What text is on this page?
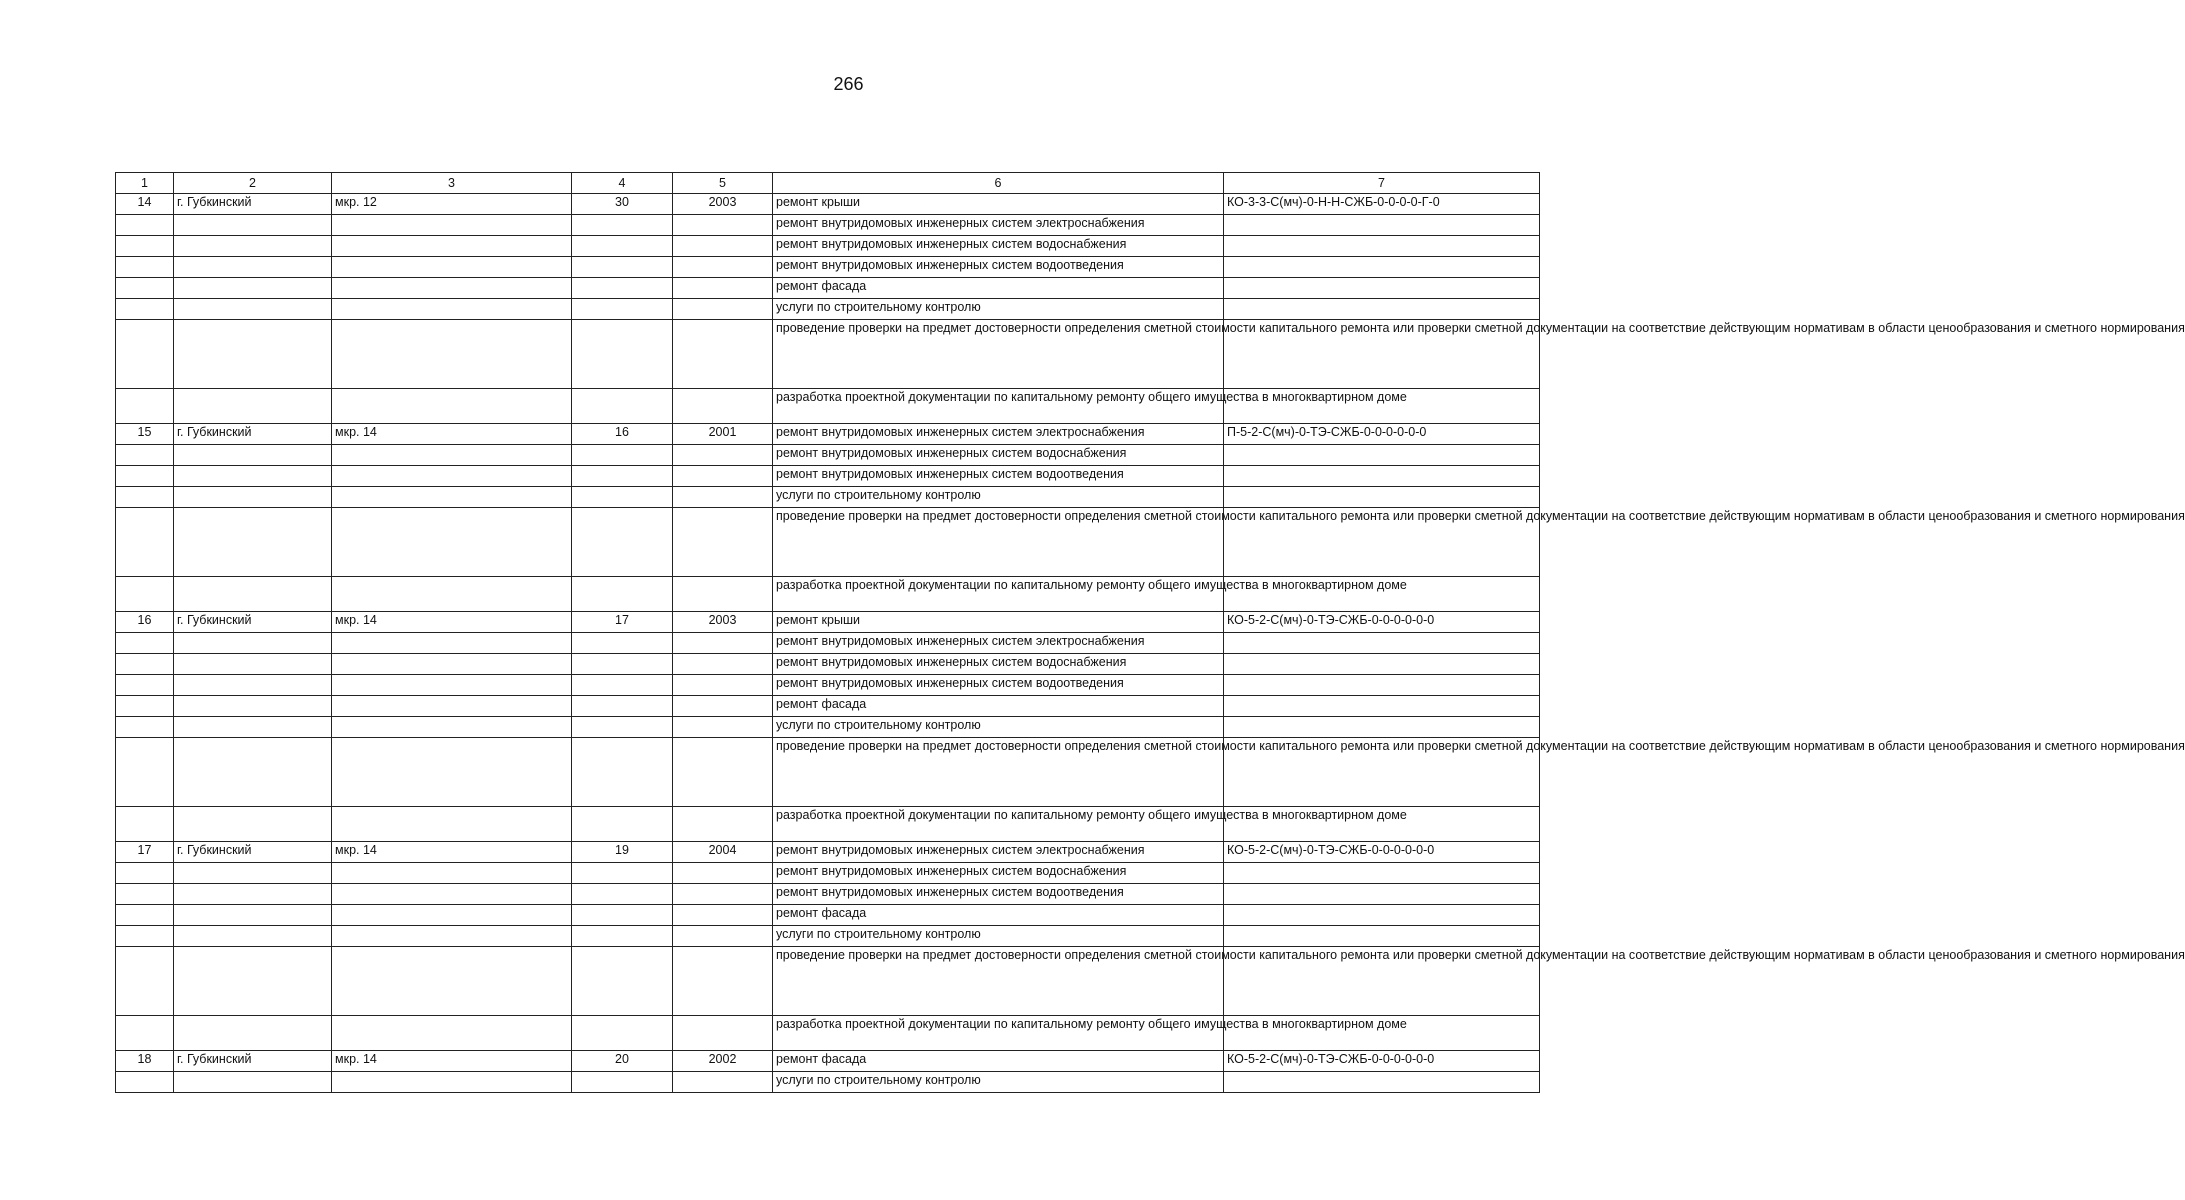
266
1	2	3	4	5	6	7
14	г. Губкинский	мкр. 12	30	2003	ремонт крыши	КО-3-3-С(мч)-0-Н-Н-СЖБ-0-0-0-0-Г-0
					ремонт внутридомовых инженерных систем электроснабжения	
					ремонт внутридомовых инженерных систем водоснабжения	
					ремонт внутридомовых инженерных систем водоотведения	
					ремонт фасада	
					услуги по строительному контролю	
					проведение проверки на предмет достоверности определения сметной стоимости капитального ремонта или проверки сметной документации на соответствие действующим нормативам в области ценообразования и сметного нормирования	
					разработка проектной документации по капитальному ремонту общего имущества в многоквартирном доме	
15	г. Губкинский	мкр. 14	16	2001	ремонт внутридомовых инженерных систем электроснабжения	П-5-2-С(мч)-0-ТЭ-СЖБ-0-0-0-0-0-0
					ремонт внутридомовых инженерных систем водоснабжения	
					ремонт внутридомовых инженерных систем водоотведения	
					услуги по строительному контролю	
					проведение проверки на предмет достоверности определения сметной стоимости капитального ремонта или проверки сметной документации на соответствие действующим нормативам в области ценообразования и сметного нормирования	
					разработка проектной документации по капитальному ремонту общего имущества в многоквартирном доме	
16	г. Губкинский	мкр. 14	17	2003	ремонт крыши	КО-5-2-С(мч)-0-ТЭ-СЖБ-0-0-0-0-0-0
					ремонт внутридомовых инженерных систем электроснабжения	
					ремонт внутридомовых инженерных систем водоснабжения	
					ремонт внутридомовых инженерных систем водоотведения	
					ремонт фасада	
					услуги по строительному контролю	
					проведение проверки на предмет достоверности определения сметной стоимости капитального ремонта или проверки сметной документации на соответствие действующим нормативам в области ценообразования и сметного нормирования	
					разработка проектной документации по капитальному ремонту общего имущества в многоквартирном доме	
17	г. Губкинский	мкр. 14	19	2004	ремонт внутридомовых инженерных систем электроснабжения	КО-5-2-С(мч)-0-ТЭ-СЖБ-0-0-0-0-0-0
					ремонт внутридомовых инженерных систем водоснабжения	
					ремонт внутридомовых инженерных систем водоотведения	
					ремонт фасада	
					услуги по строительному контролю	
					проведение проверки на предмет достоверности определения сметной стоимости капитального ремонта или проверки сметной документации на соответствие действующим нормативам в области ценообразования и сметного нормирования	
					разработка проектной документации по капитальному ремонту общего имущества в многоквартирном доме	
18	г. Губкинский	мкр. 14	20	2002	ремонт фасада	КО-5-2-С(мч)-0-ТЭ-СЖБ-0-0-0-0-0-0
					услуги по строительному контролю	
